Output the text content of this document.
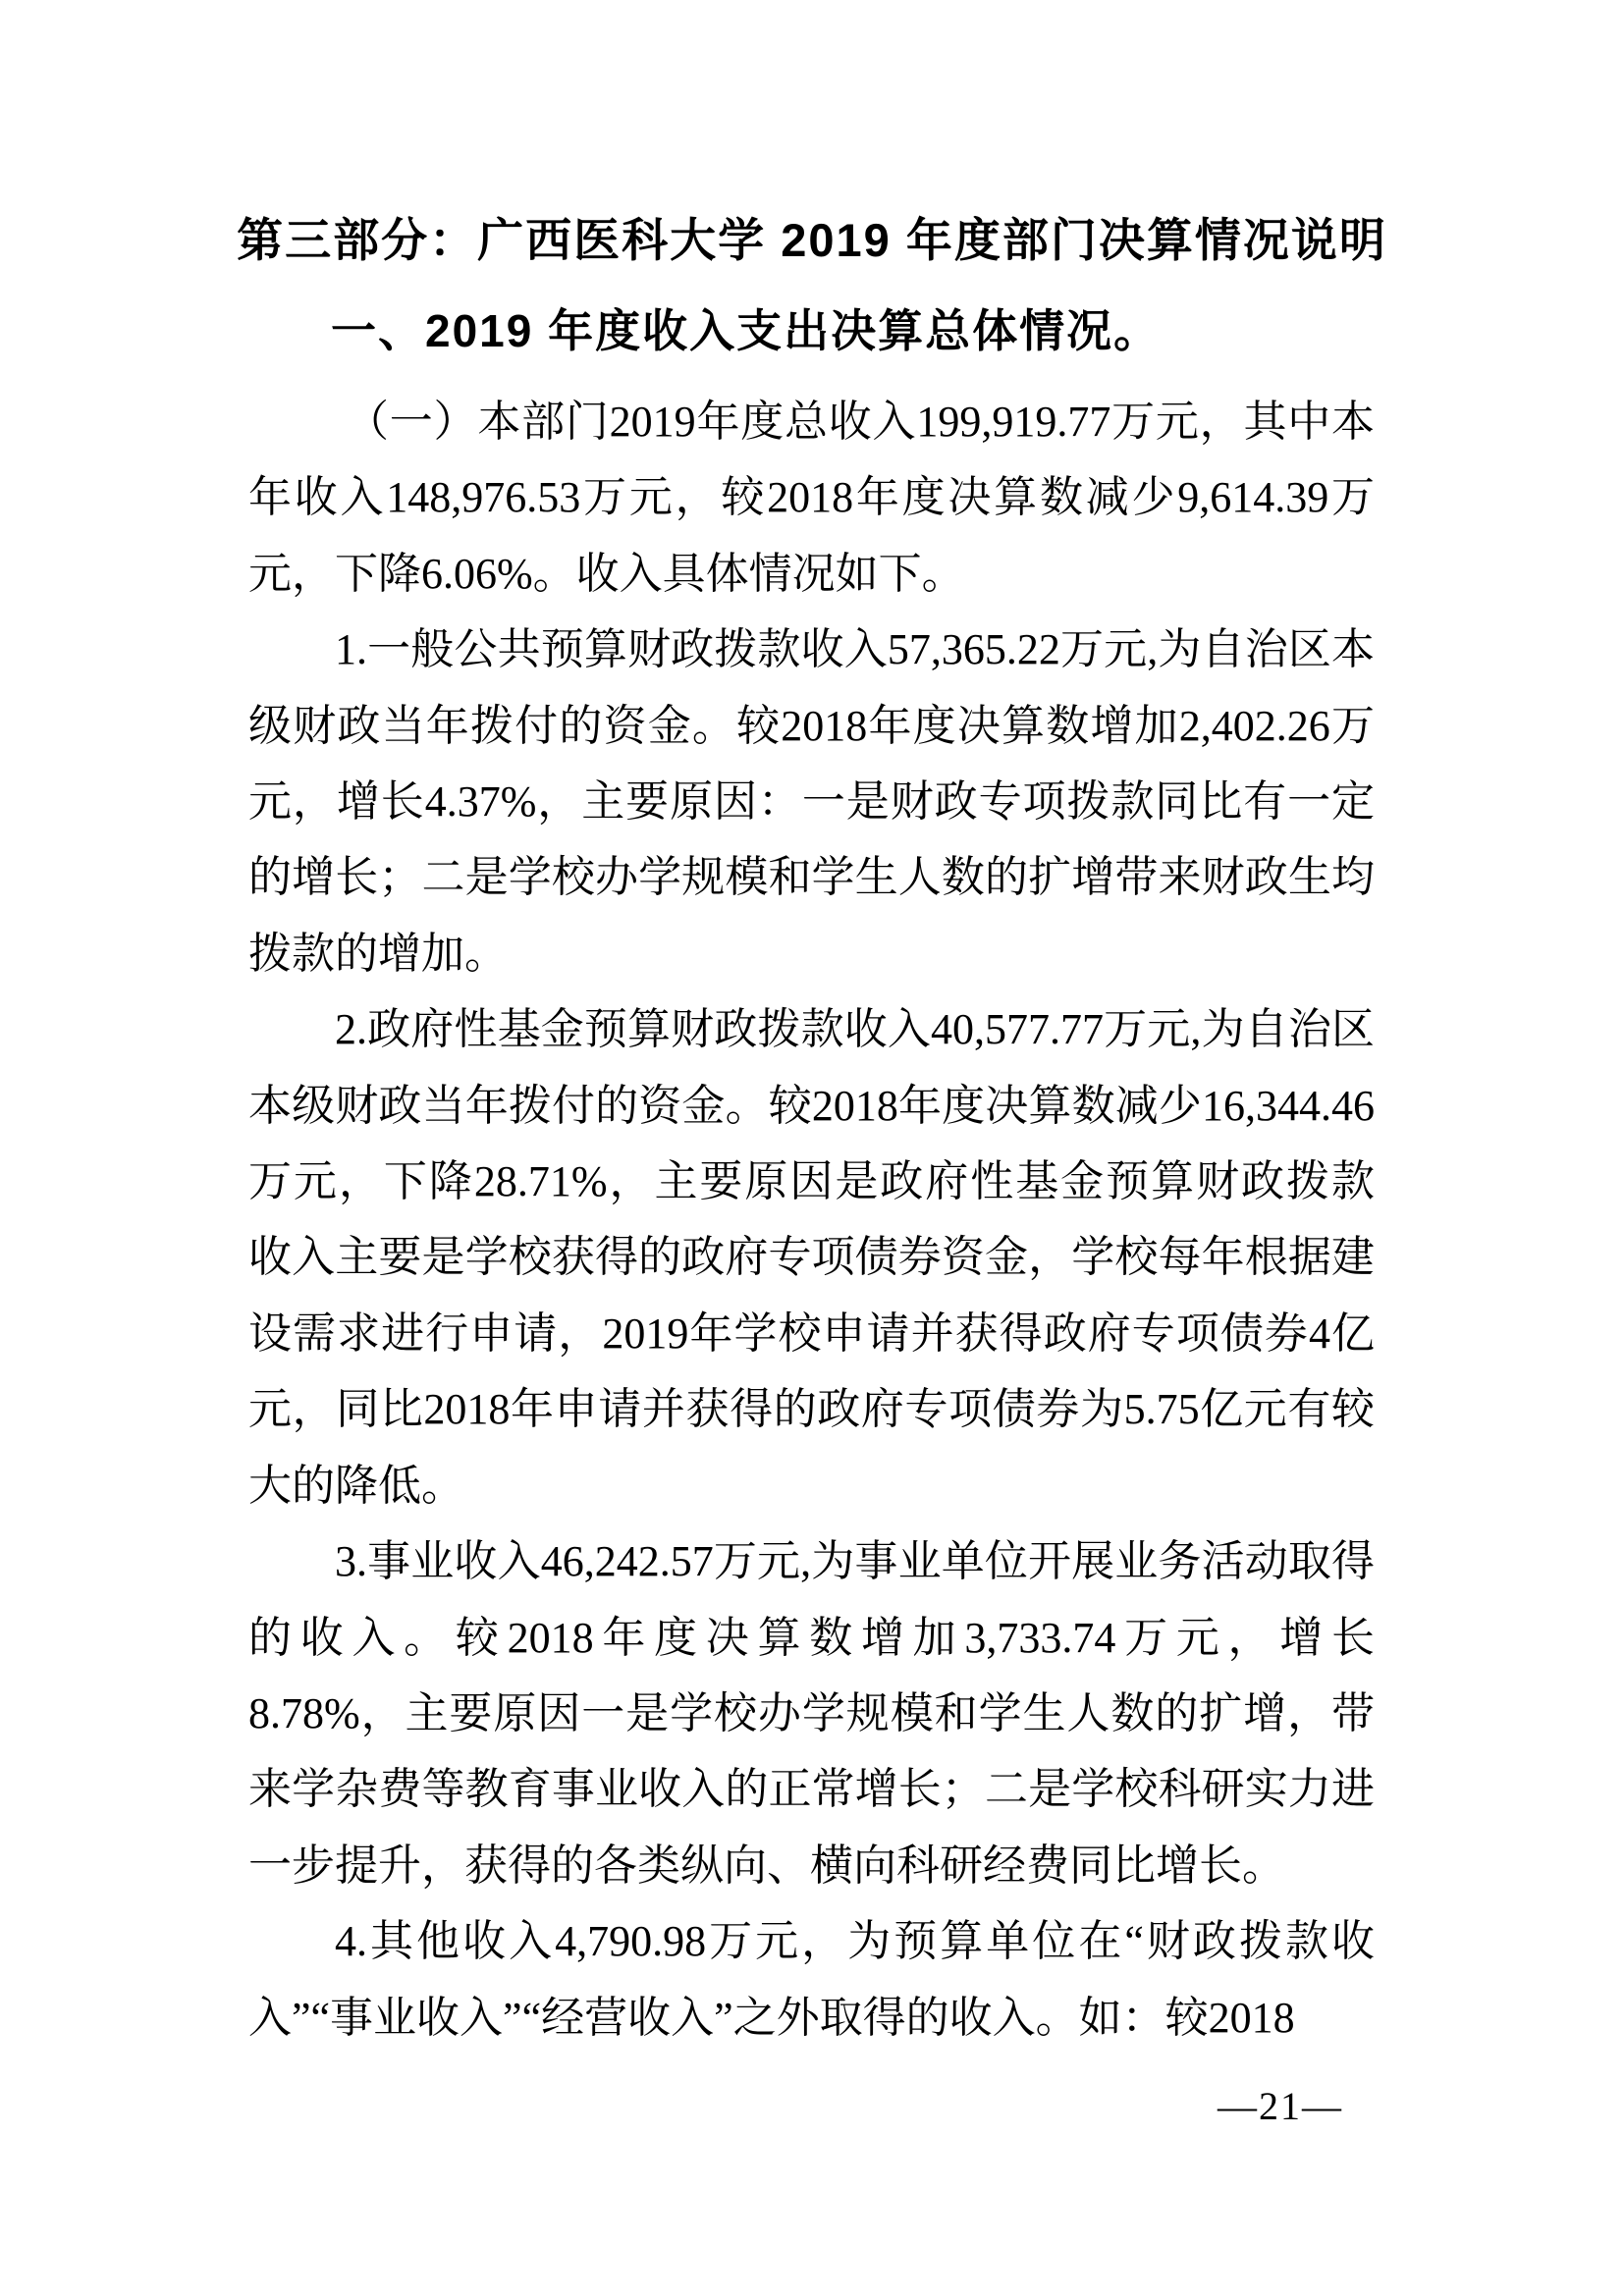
第三部分：广西医科大学 2019 年度部门决算情况说明
一、2019 年度收入支出决算总体情况。

（一）本部门2019年度总收入199,919.77万元，其中本年收入148,976.53万元，较2018年度决算数减少9,614.39万元，下降6.06%。收入具体情况如下。

1.一般公共预算财政拨款收入57,365.22万元,为自治区本级财政当年拨付的资金。较2018年度决算数增加2,402.26万元，增长4.37%，主要原因：一是财政专项拨款同比有一定的增长；二是学校办学规模和学生人数的扩增带来财政生均拨款的增加。

2.政府性基金预算财政拨款收入40,577.77万元,为自治区本级财政当年拨付的资金。较2018年度决算数减少16,344.46万元，下降28.71%，主要原因是政府性基金预算财政拨款收入主要是学校获得的政府专项债券资金，学校每年根据建设需求进行申请，2019年学校申请并获得政府专项债券4亿元，同比2018年申请并获得的政府专项债券为5.75亿元有较大的降低。

3.事业收入46,242.57万元,为事业单位开展业务活动取得的收入。较2018年度决算数增加3,733.74万元，增长8.78%，主要原因一是学校办学规模和学生人数的扩增，带来学杂费等教育事业收入的正常增长；二是学校科研实力进一步提升，获得的各类纵向、横向科研经费同比增长。

4.其他收入4,790.98万元，为预算单位在“财政拨款收入”“事业收入”“经营收入”之外取得的收入。如：较2018

—21—
